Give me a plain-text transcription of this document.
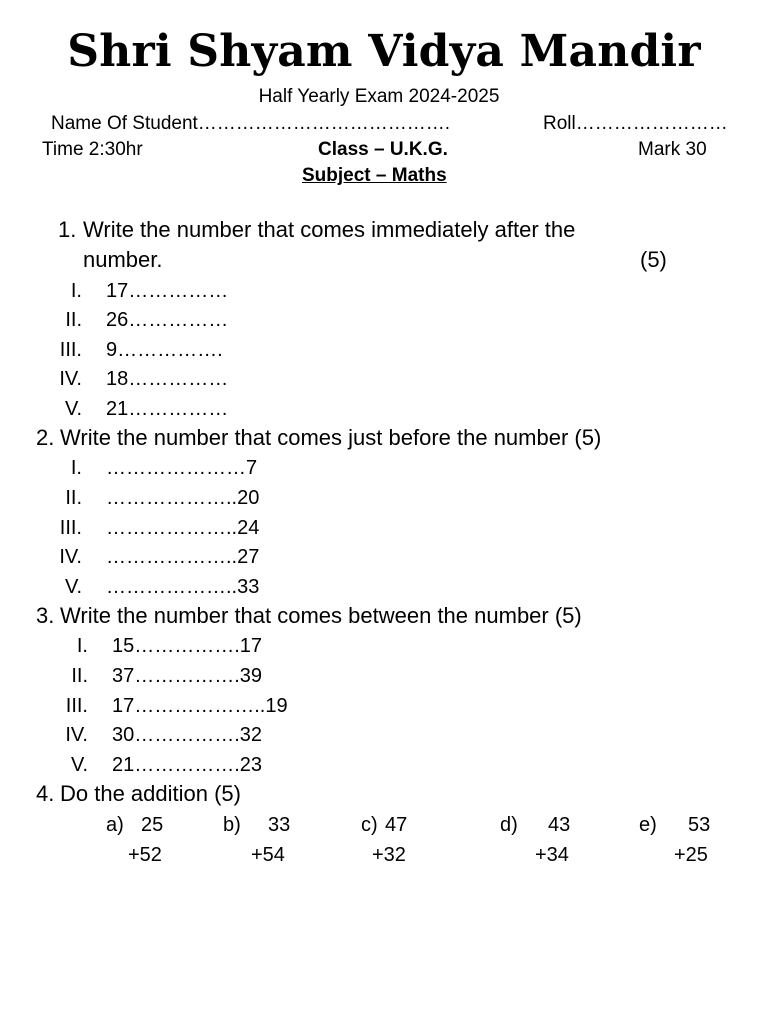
Shri Shyam Vidya Mandir
Half Yearly Exam 2024-2025
Name Of Student………………………………….	Roll……………………
Time 2:30hr	Class – U.K.G.	Mark 30
Subject – Maths
1. Write the number that comes immediately after the
number.	(5)
I. 17……………
II. 26……………
III. 9…………….
IV. 18……………
V. 21……………
2. Write the number that comes just before the number (5)
I. …………………7
II. ………………..20
III. ………………..24
IV. ………………..27
V. ………………..33
3. Write the number that comes between the number (5)
I. 15…………….17
II. 37…………….39
III. 17………………..19
IV. 30…………….32
V. 21…………….23
4. Do the addition (5)
a) 25
+52
b) 33
+54
c) 47
+32
d) 43
+34
e) 53
+25
